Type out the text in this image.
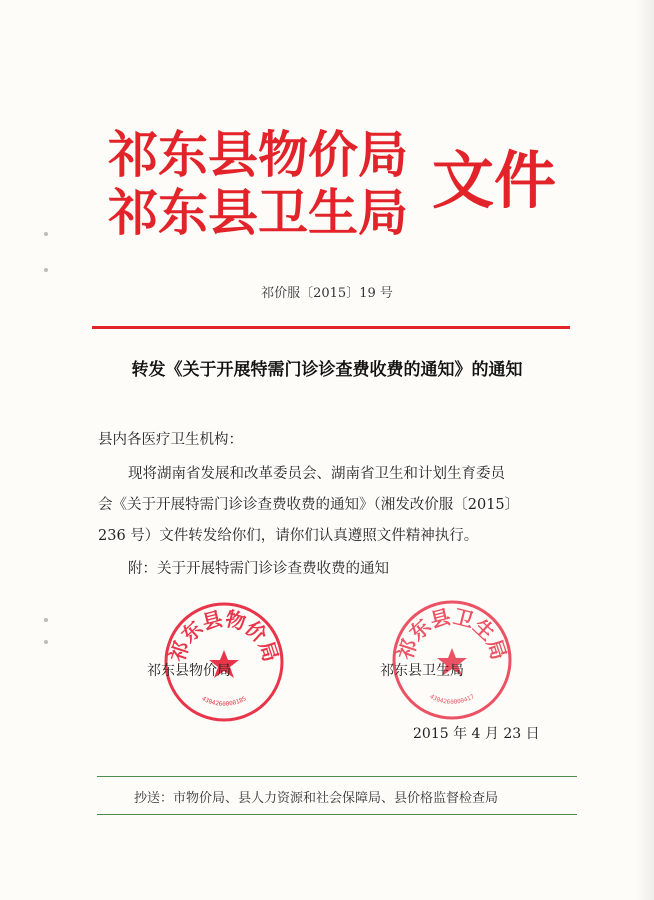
祁东县物价局
祁东县卫生局 文件
祁价服〔2015〕19 号
转发《关于开展特需门诊诊查费收费的通知》的通知
县内各医疗卫生机构：
现将湖南省发展和改革委员会、湖南省卫生和计划生育委员
会《关于开展特需门诊诊查费收费的通知》（湘发改价服〔2015〕
236 号）文件转发给你们，请你们认真遵照文件精神执行。
附：关于开展特需门诊诊查费收费的通知
祁东县物价局
4304260000185
祁东县卫生局
4304260000417
祁东县物价局	祁东县卫生局
2015 年 4 月 23 日
抄送：市物价局、县人力资源和社会保障局、县价格监督检查局
